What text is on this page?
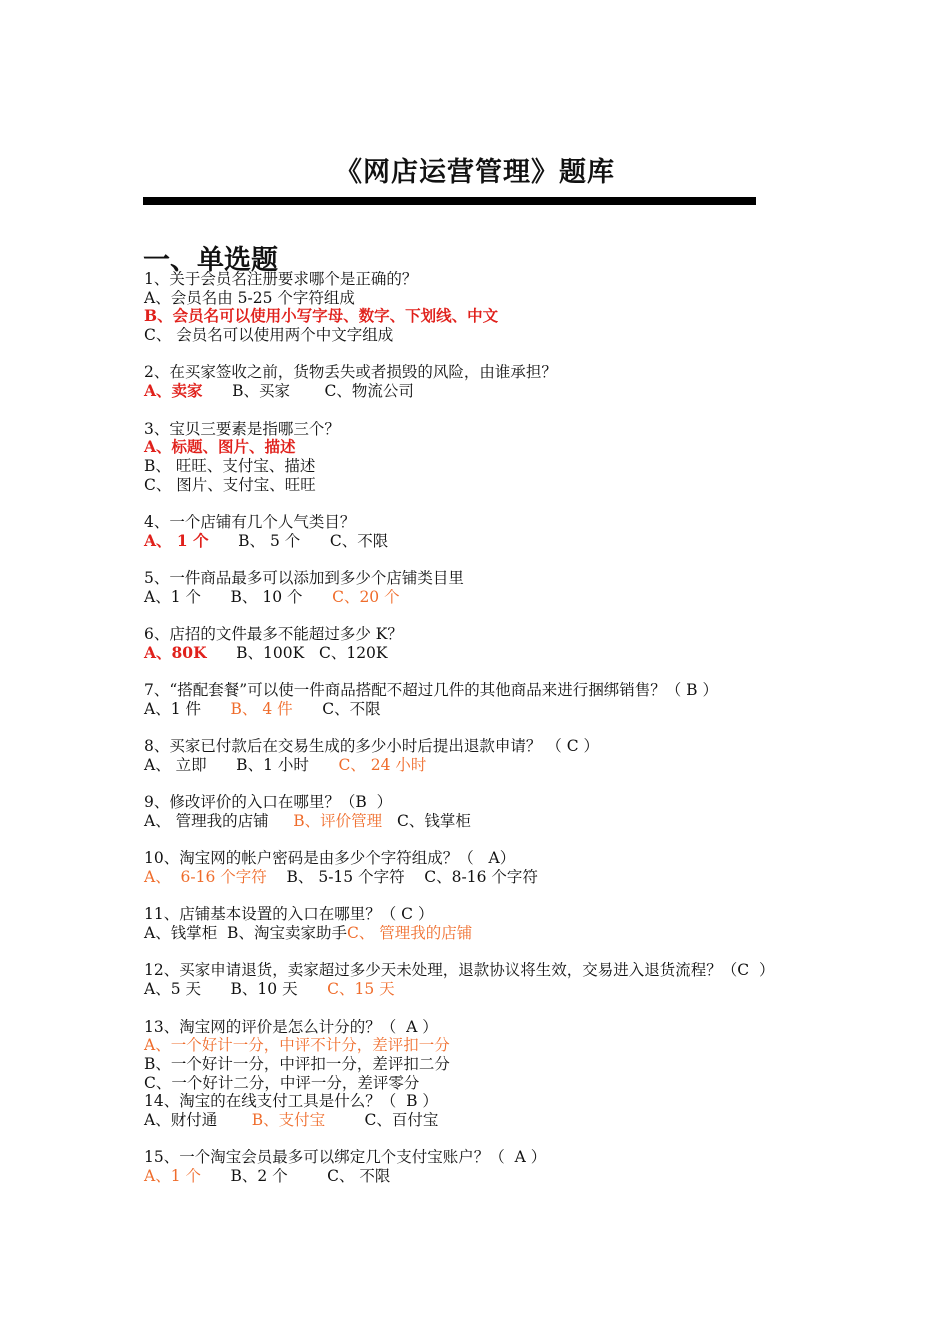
《网店运营管理》题库
一、单选题
1、关于会员名注册要求哪个是正确的？
A、会员名由 5-25 个字符组成
B、会员名可以使用小写字母、数字、下划线、中文
C、 会员名可以使用两个中文字组成
2、在买家签收之前，货物丢失或者损毁的风险，由谁承担？
A、卖家      B、买家       C、物流公司
3、宝贝三要素是指哪三个？
A、标题、图片、描述
B、 旺旺、支付宝、描述
C、 图片、支付宝、旺旺
4、一个店铺有几个人气类目？
A、 1 个      B、 5 个      C、不限
5、一件商品最多可以添加到多少个店铺类目里
A、1 个      B、 10 个      C、20 个
6、店招的文件最多不能超过多少 K？
A、80K      B、100K   C、120K
7、“搭配套餐”可以使一件商品搭配不超过几件的其他商品来进行捆绑销售？（ B ）
A、1 件      B、 4 件      C、不限
8、买家已付款后在交易生成的多少小时后提出退款申请？ （ C ）
A、 立即      B、1 小时      C、 24 小时
9、修改评价的入口在哪里？（B  ）
A、 管理我的店铺     B、评价管理   C、钱掌柜
10、淘宝网的帐户密码是由多少个字符组成？（   A）
A、  6-16 个字符    B、 5-15 个字符    C、8-16 个字符
11、店铺基本设置的入口在哪里？（ C ）
A、钱掌柜  B、淘宝卖家助手C、 管理我的店铺
12、买家申请退货，卖家超过多少天未处理，退款协议将生效，交易进入退货流程？（C  ）
A、5 天      B、10 天      C、15 天
13、淘宝网的评价是怎么计分的？（  A ）
A、一个好计一分，中评不计分，差评扣一分
B、一个好计一分，中评扣一分，差评扣二分
C、一个好计二分，中评一分，差评零分
14、淘宝的在线支付工具是什么？（  B ）
A、财付通       B、支付宝        C、百付宝
15、一个淘宝会员最多可以绑定几个支付宝账户？（  A ）
A、1 个      B、2 个        C、 不限
